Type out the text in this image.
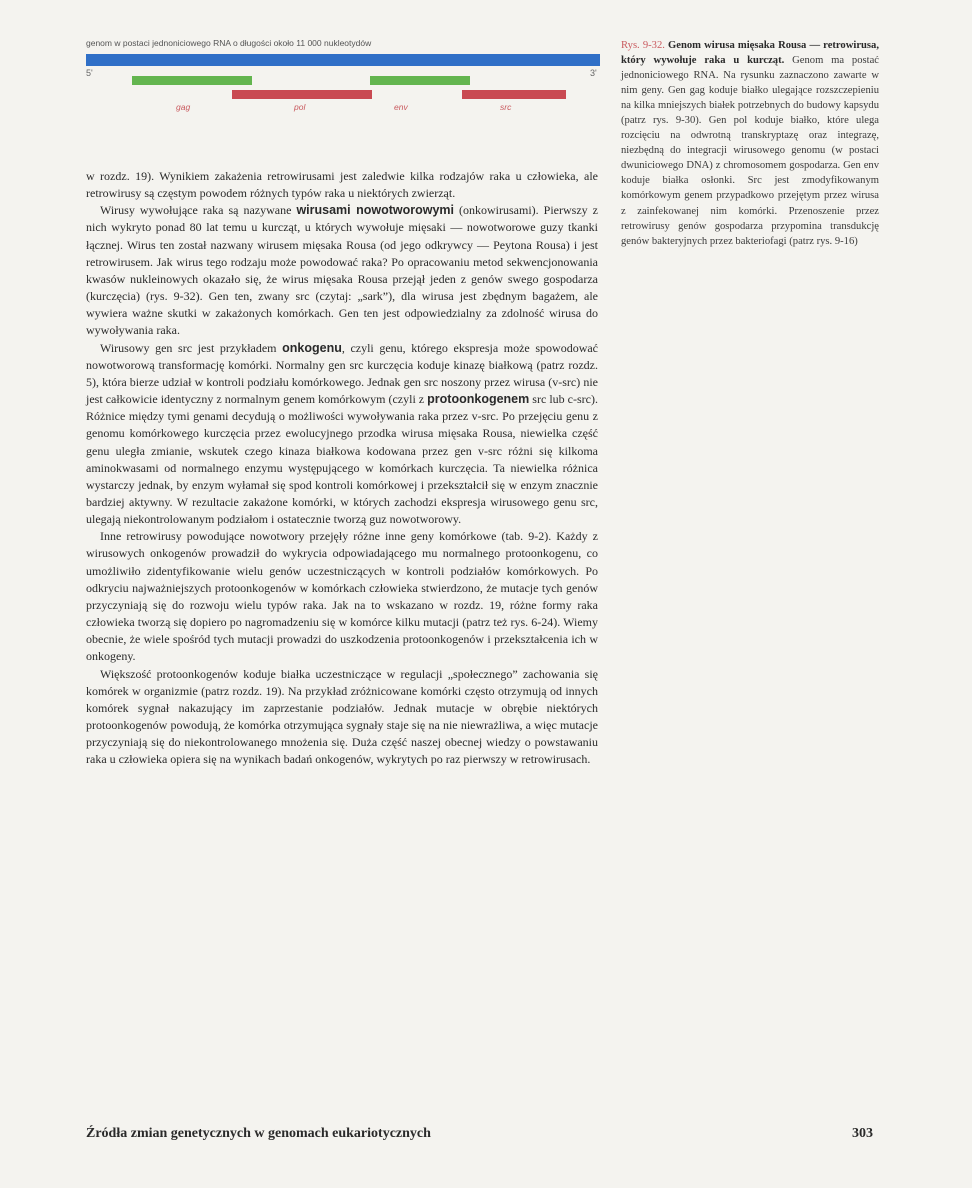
genom w postaci jednoniciowego RNA o długości około 11 000 nukleotydów
5'	3'
gag	pol	env	src
Rys. 9-32. Genom wirusa mięsaka Rousa — retrowirusa, który wywołuje raka u kurcząt. Genom ma postać jednoniciowego RNA. Na rysunku zaznaczono zawarte w nim geny. Gen gag koduje białko ulegające rozszczepieniu na kilka mniejszych białek potrzebnych do budowy kapsydu (patrz rys. 9-30). Gen pol koduje białko, które ulega rozcięciu na odwrotną transkryptazę oraz integrazę, niezbędną do integracji wirusowego genomu (w postaci dwuniciowego DNA) z chromosomem gospodarza. Gen env koduje białka osłonki. Src jest zmodyfikowanym komórkowym genem przypadkowo przejętym przez wirusa z zainfekowanej nim komórki. Przenoszenie przez retrowirusy genów gospodarza przypomina transdukcję genów bakteryjnych przez bakteriofagi (patrz rys. 9-16)

w rozdz. 19). Wynikiem zakażenia retrowirusami jest zaledwie kilka rodzajów raka u człowieka, ale retrowirusy są częstym powodem różnych typów raka u niektórych zwierząt.

Wirusy wywołujące raka są nazywane wirusami nowotworowymi (onkowirusami). Pierwszy z nich wykryto ponad 80 lat temu u kurcząt, u których wywołuje mięsaki — nowotworowe guzy tkanki łącznej. Wirus ten został nazwany wirusem mięsaka Rousa (od jego odkrywcy — Peytona Rousa) i jest retrowirusem. Jak wirus tego rodzaju może powodować raka? Po opracowaniu metod sekwencjonowania kwasów nukleinowych okazało się, że wirus mięsaka Rousa przejął jeden z genów swego gospodarza (kurczęcia) (rys. 9-32). Gen ten, zwany src (czytaj: „sark”), dla wirusa jest zbędnym bagażem, ale wywiera ważne skutki w zakażonych komórkach. Gen ten jest odpowiedzialny za zdolność wirusa do wywoływania raka.

Wirusowy gen src jest przykładem onkogenu, czyli genu, którego ekspresja może spowodować nowotworową transformację komórki. Normalny gen src kurczęcia koduje kinazę białkową (patrz rozdz. 5), która bierze udział w kontroli podziału komórkowego. Jednak gen src noszony przez wirusa (v-src) nie jest całkowicie identyczny z normalnym genem komórkowym (czyli z protoonkogenem src lub c-src). Różnice między tymi genami decydują o możliwości wywoływania raka przez v-src. Po przejęciu genu z genomu komórkowego kurczęcia przez ewolucyjnego przodka wirusa mięsaka Rousa, niewielka część genu uległa zmianie, wskutek czego kinaza białkowa kodowana przez gen v-src różni się kilkoma aminokwasami od normalnego enzymu występującego w komórkach kurczęcia. Ta niewielka różnica wystarczy jednak, by enzym wyłamał się spod kontroli komórkowej i przekształcił się w enzym znacznie bardziej aktywny. W rezultacie zakażone komórki, w których zachodzi ekspresja wirusowego genu src, ulegają niekontrolowanym podziałom i ostatecznie tworzą guz nowotworowy.

Inne retrowirusy powodujące nowotwory przejęły różne inne geny komórkowe (tab. 9-2). Każdy z wirusowych onkogenów prowadził do wykrycia odpowiadającego mu normalnego protoonkogenu, co umożliwiło zidentyfikowanie wielu genów uczestniczących w kontroli podziałów komórkowych. Po odkryciu najważniejszych protoonkogenów w komórkach człowieka stwierdzono, że mutacje tych genów przyczyniają się do rozwoju wielu typów raka. Jak na to wskazano w rozdz. 19, różne formy raka człowieka tworzą się dopiero po nagromadzeniu się w komórce kilku mutacji (patrz też rys. 6-24). Wiemy obecnie, że wiele spośród tych mutacji prowadzi do uszkodzenia protoonkogenów i przekształcenia ich w onkogeny.

Większość protoonkogenów koduje białka uczestniczące w regulacji „społecznego” zachowania się komórek w organizmie (patrz rozdz. 19). Na przykład zróżnicowane komórki często otrzymują od innych komórek sygnał nakazujący im zaprzestanie podziałów. Jednak mutacje w obrębie niektórych protoonkogenów powodują, że komórka otrzymująca sygnały staje się na nie niewrażliwa, a więc mutacje przyczyniają się do niekontrolowanego mnożenia się. Duża część naszej obecnej wiedzy o powstawaniu raka u człowieka opiera się na wynikach badań onkogenów, wykrytych po raz pierwszy w retrowirusach.

Źródła zmian genetycznych w genomach eukariotycznych	303
